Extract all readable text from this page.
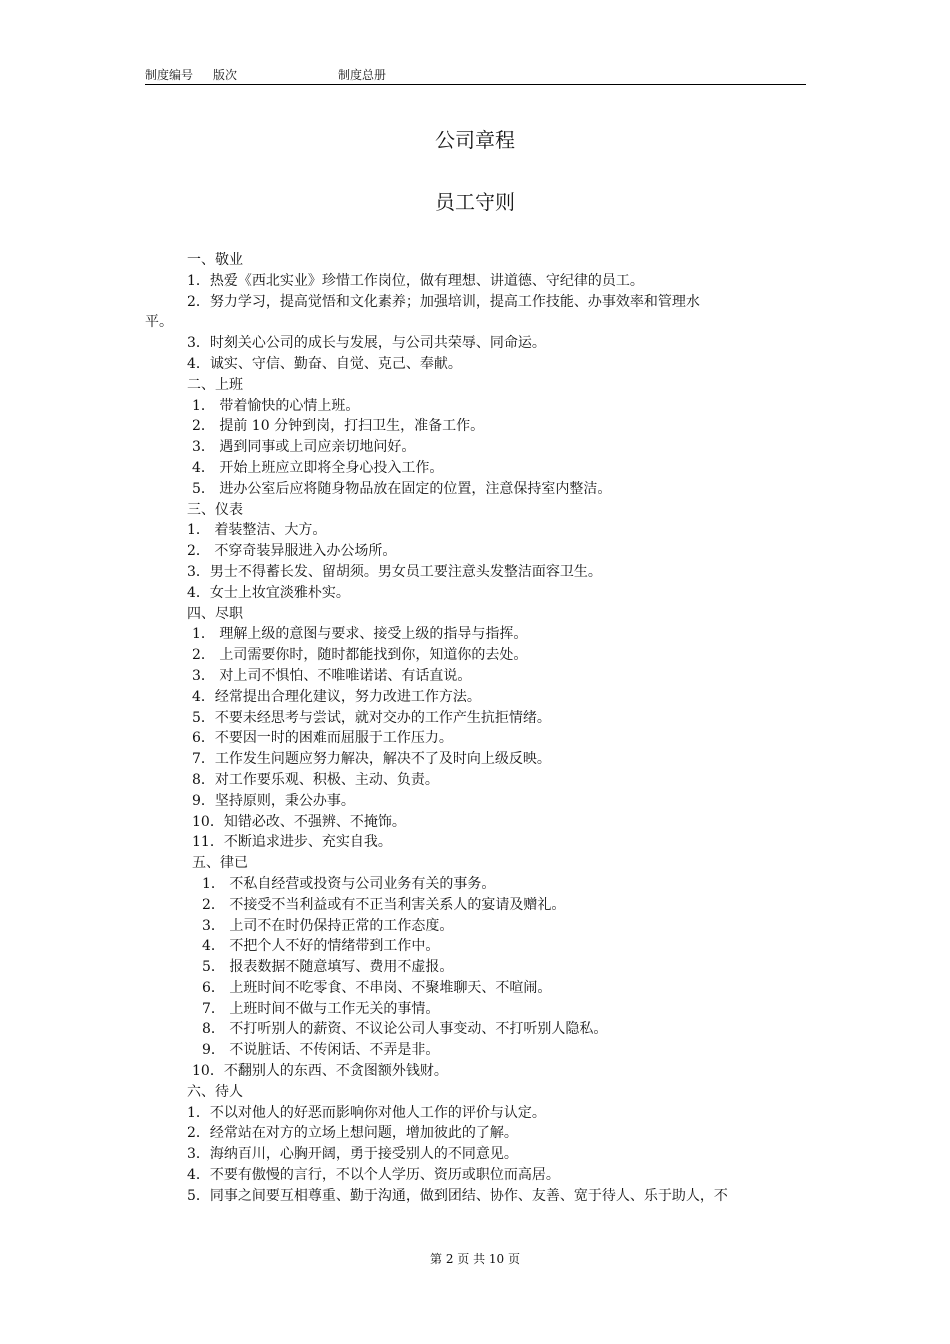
制度编号 版次	制度总册
公司章程
员工守则
一、敬业
1．热爱《西北实业》珍惜工作岗位，做有理想、讲道德、守纪律的员工。
2．努力学习，提高觉悟和文化素养；加强培训，提高工作技能、办事效率和管理水
平。
3．时刻关心公司的成长与发展，与公司共荣辱、同命运。
4．诚实、守信、勤奋、自觉、克己、奉献。
二、上班
1． 带着愉快的心情上班。
2． 提前 10 分钟到岗，打扫卫生，准备工作。
3． 遇到同事或上司应亲切地问好。
4． 开始上班应立即将全身心投入工作。
5． 进办公室后应将随身物品放在固定的位置，注意保持室内整洁。
三、仪表
1． 着装整洁、大方。
2． 不穿奇装异服进入办公场所。
3．男士不得蓄长发、留胡须。男女员工要注意头发整洁面容卫生。
4．女士上妆宜淡雅朴实。
四、尽职
1． 理解上级的意图与要求、接受上级的指导与指挥。
2． 上司需要你时，随时都能找到你，知道你的去处。
3． 对上司不惧怕、不唯唯诺诺、有话直说。
4．经常提出合理化建议，努力改进工作方法。
5．不要未经思考与尝试，就对交办的工作产生抗拒情绪。
6．不要因一时的困难而屈服于工作压力。
7．工作发生问题应努力解决，解决不了及时向上级反映。
8．对工作要乐观、积极、主动、负责。
9．坚持原则，秉公办事。
10．知错必改、不强辨、不掩饰。
11．不断追求进步、充实自我。
五、律已
1． 不私自经营或投资与公司业务有关的事务。
2． 不接受不当利益或有不正当利害关系人的宴请及赠礼。
3． 上司不在时仍保持正常的工作态度。
4． 不把个人不好的情绪带到工作中。
5． 报表数据不随意填写、费用不虚报。
6． 上班时间不吃零食、不串岗、不聚堆聊天、不喧闹。
7． 上班时间不做与工作无关的事情。
8． 不打听别人的薪资、不议论公司人事变动、不打听别人隐私。
9． 不说脏话、不传闲话、不弄是非。
10．不翻别人的东西、不贪图额外钱财。
六、待人
1．不以对他人的好恶而影响你对他人工作的评价与认定。
2．经常站在对方的立场上想问题，增加彼此的了解。
3．海纳百川，心胸开阔，勇于接受别人的不同意见。
4．不要有傲慢的言行，不以个人学历、资历或职位而高居。
5．同事之间要互相尊重、勤于沟通，做到团结、协作、友善、宽于待人、乐于助人，不
第 2 页 共 10 页
